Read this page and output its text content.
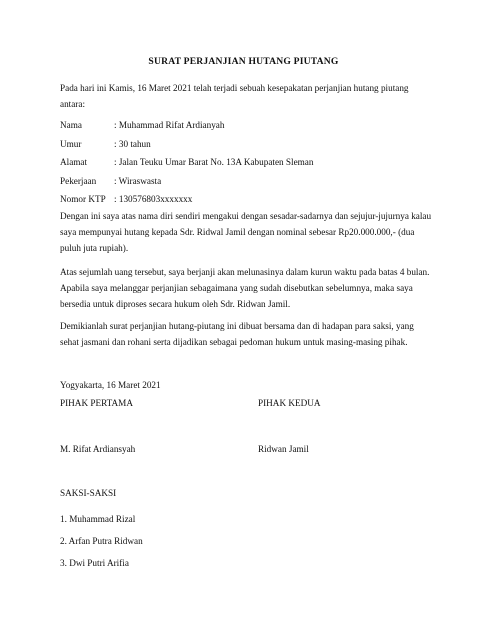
SURAT PERJANJIAN HUTANG PIUTANG

Pada hari ini Kamis, 16 Maret 2021 telah terjadi sebuah kesepakatan perjanjian hutang piutang antara:

Nama	: Muhammad Rifat Ardianyah
Umur	: 30 tahun
Alamat	: Jalan Teuku Umar Barat No. 13A Kabupaten Sleman
Pekerjaan	: Wiraswasta
Nomor KTP : 130576803xxxxxxx

Dengan ini saya atas nama diri sendiri mengakui dengan sesadar-sadarnya dan sejujur-jujurnya kalau saya mempunyai hutang kepada Sdr. Ridwal Jamil dengan nominal sebesar Rp20.000.000,- (dua puluh juta rupiah).

Atas sejumlah uang tersebut, saya berjanji akan melunasinya dalam kurun waktu pada batas 4 bulan. Apabila saya melanggar perjanjian sebagaimana yang sudah disebutkan sebelumnya, maka saya bersedia untuk diproses secara hukum oleh Sdr. Ridwan Jamil.

Demikianlah surat perjanjian hutang-piutang ini dibuat bersama dan di hadapan para saksi, yang sehat jasmani dan rohani serta dijadikan sebagai pedoman hukum untuk masing-masing pihak.

Yogyakarta, 16 Maret 2021
PIHAK PERTAMA	PIHAK KEDUA
M. Rifat Ardiansyah	Ridwan Jamil
SAKSI-SAKSI
1. Muhammad Rizal
2. Arfan Putra Ridwan
3. Dwi Putri Arifia
